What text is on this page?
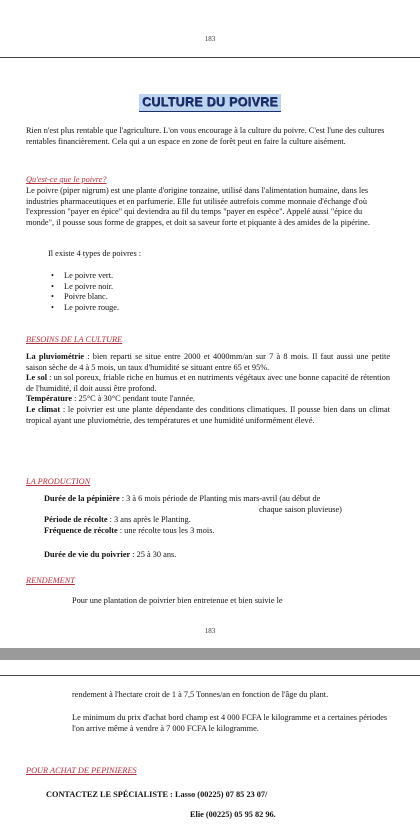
183
CULTURE DU POIVRE

Rien n'est plus rentable que l'agriculture. L'on vous encourage à la culture du poivre. C'est l'une des cultures rentables financièrement. Cela qui a un espace en zone de forêt peut en faire la culture aisément.

Qu'est-ce que le poivre?

Le poivre (piper nigrum) est une plante d'origine tonzaine, utilisé dans l'alimentation humaine, dans les industries pharmaceutiques et en parfumerie. Elle fut utilisée autrefois comme monnaie d'échange d'où l'expression "payer en épice" qui deviendra au fil du temps "payer en espèce". Appelé aussi "épice du monde", il pousse sous forme de grappes, et doit sa saveur forte et piquante à des amides de la pipérine.

Il existe 4 types de poivres :

• Le poivre vert.
• Le poivre noir.
• Poivre blanc.
• Le poivre rouge.

BESOINS DE LA CULTURE

La pluviométrie : bien reparti se situe entre 2000 et 4000mm/an sur 7 à 8 mois. Il faut aussi une petite saison sèche de 4 à 5 mois, un taux d'humidité se situant entre 65 et 95%.

Le sol : un sol poreux, friable riche en humus et en nutriments végétaux avec une bonne capacité de rétention de l'humidité, il doit aussi être profond.

Température : 25°C à 30°C pendant toute l'année.

Le climat : le poivrier est une plante dépendante des conditions climatiques. Il pousse bien dans un climat tropical ayant une pluviométrie, des températures et une humidité uniformément élevé.

LA PRODUCTION

Durée de la pépinière : 3 à 6 mois période de Planting mis mars-avril (au début de

chaque saison pluvieuse)

Période de récolte : 3 ans après le Planting.

Fréquence de récolte : une récolte tous les 3 mois.

Durée de vie du poivrier : 25 à 30 ans.

RENDEMENT

Pour une plantation de poivrier bien entretenue et bien suivie le

183

rendement à l'hectare croit de 1 à 7,5 Tonnes/an en fonction de l'âge du plant.

Le minimum du prix d'achat bord champ est 4 000 FCFA le kilogramme et a certaines périodes l'on arrive même à vendre à 7 000 FCFA le kilogramme.

POUR ACHAT DE PEPINIERES

CONTACTEZ LE SPÉCIALISTE : Lasso (00225) 07 85 23 07/

Elie (00225) 05 95 82 96.
